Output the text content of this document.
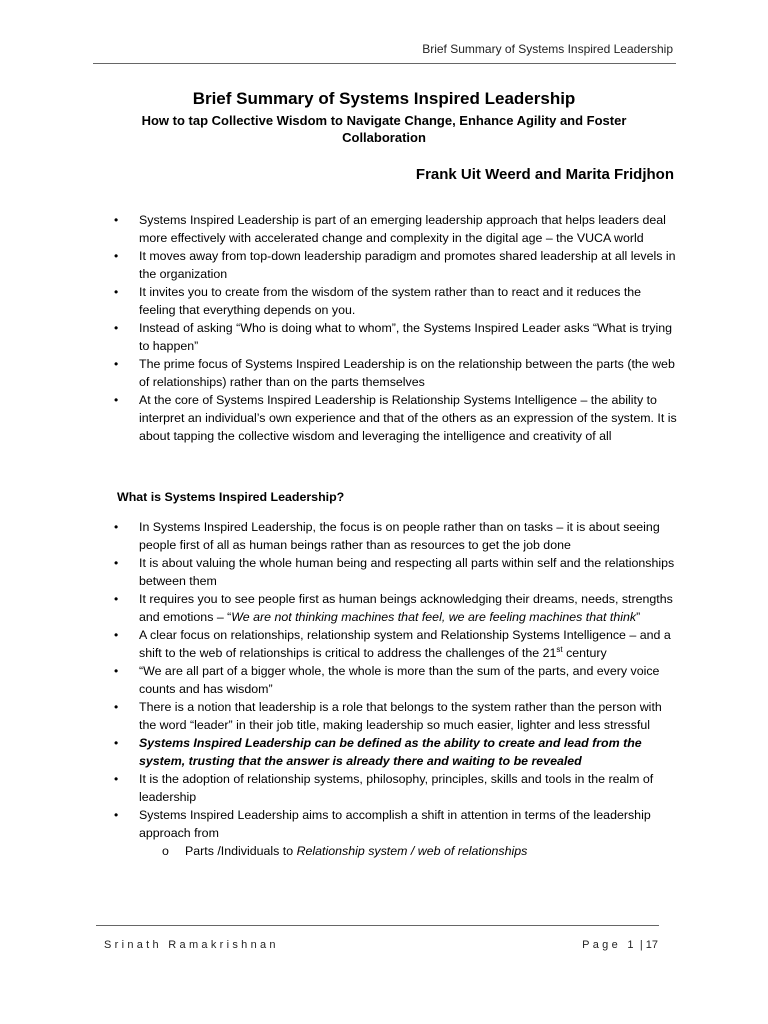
Brief Summary of Systems Inspired Leadership
Brief Summary of Systems Inspired Leadership

How to tap Collective Wisdom to Navigate Change, Enhance Agility and Foster Collaboration

Frank Uit Weerd and Marita Fridjhon
• Systems Inspired Leadership is part of an emerging leadership approach that helps leaders deal more effectively with accelerated change and complexity in the digital age – the VUCA world
• It moves away from top-down leadership paradigm and promotes shared leadership at all levels in the organization
• It invites you to create from the wisdom of the system rather than to react and it reduces the feeling that everything depends on you.
• Instead of asking “Who is doing what to whom”, the Systems Inspired Leader asks “What is trying to happen”
• The prime focus of Systems Inspired Leadership is on the relationship between the parts (the web of relationships) rather than on the parts themselves
• At the core of Systems Inspired Leadership is Relationship Systems Intelligence – the ability to interpret an individual’s own experience and that of the others as an expression of the system. It is about tapping the collective wisdom and leveraging the intelligence and creativity of all
What is Systems Inspired Leadership?
• In Systems Inspired Leadership, the focus is on people rather than on tasks – it is about seeing people first of all as human beings rather than as resources to get the job done
• It is about valuing the whole human being and respecting all parts within self and the relationships between them
• It requires you to see people first as human beings acknowledging their dreams, needs, strengths and emotions – “We are not thinking machines that feel, we are feeling machines that think”
• A clear focus on relationships, relationship system and Relationship Systems Intelligence – and a shift to the web of relationships is critical to address the challenges of the 21st century
• “We are all part of a bigger whole, the whole is more than the sum of the parts, and every voice counts and has wisdom”
• There is a notion that leadership is a role that belongs to the system rather than the person with the word “leader” in their job title, making leadership so much easier, lighter and less stressful
• Systems Inspired Leadership can be defined as the ability to create and lead from the system, trusting that the answer is already there and waiting to be revealed
• It is the adoption of relationship systems, philosophy, principles, skills and tools in the realm of leadership
• Systems Inspired Leadership aims to accomplish a shift in attention in terms of the leadership approach from
o Parts /Individuals to Relationship system / web of relationships
Srinath Ramakrishnan	Page 1 | 17
